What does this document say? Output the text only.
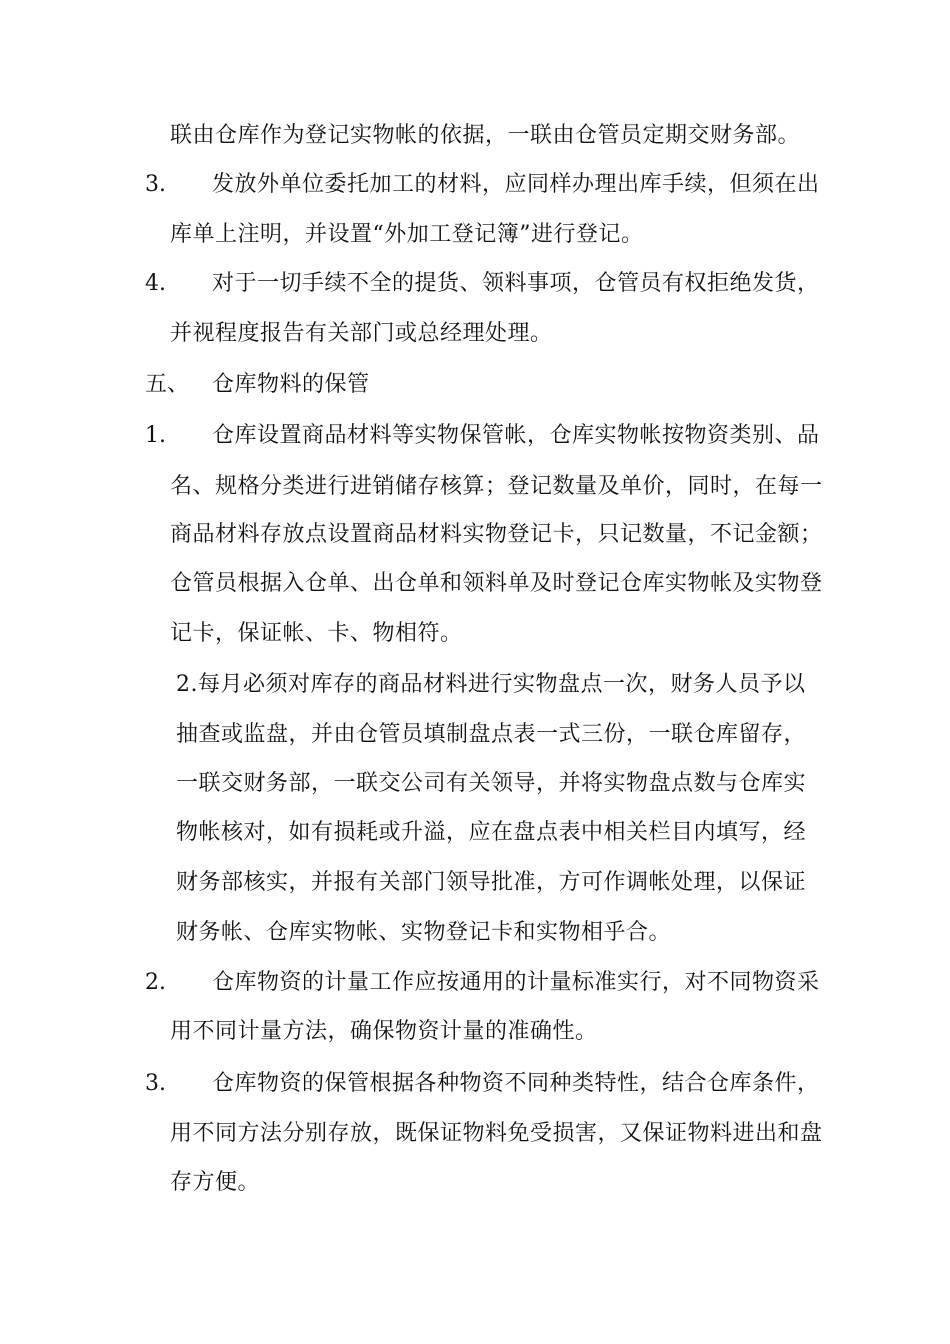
联由仓库作为登记实物帐的依据，一联由仓管员定期交财务部。
3. 发放外单位委托加工的材料，应同样办理出库手续，但须在出
库单上注明，并设置“外加工登记簿”进行登记。
4. 对于一切手续不全的提货、领料事项，仓管员有权拒绝发货，
并视程度报告有关部门或总经理处理。
五、 仓库物料的保管
1. 仓库设置商品材料等实物保管帐，仓库实物帐按物资类别、品
名、规格分类进行进销储存核算；登记数量及单价，同时，在每一
商品材料存放点设置商品材料实物登记卡，只记数量，不记金额；
仓管员根据入仓单、出仓单和领料单及时登记仓库实物帐及实物登
记卡，保证帐、卡、物相符。
2.每月必须对库存的商品材料进行实物盘点一次，财务人员予以
抽查或监盘，并由仓管员填制盘点表一式三份，一联仓库留存，
一联交财务部，一联交公司有关领导，并将实物盘点数与仓库实
物帐核对，如有损耗或升溢，应在盘点表中相关栏目内填写，经
财务部核实，并报有关部门领导批准，方可作调帐处理，以保证
财务帐、仓库实物帐、实物登记卡和实物相乎合。
2. 仓库物资的计量工作应按通用的计量标准实行，对不同物资采
用不同计量方法，确保物资计量的准确性。
3. 仓库物资的保管根据各种物资不同种类特性，结合仓库条件，
用不同方法分别存放，既保证物料免受损害，又保证物料进出和盘
存方便。
